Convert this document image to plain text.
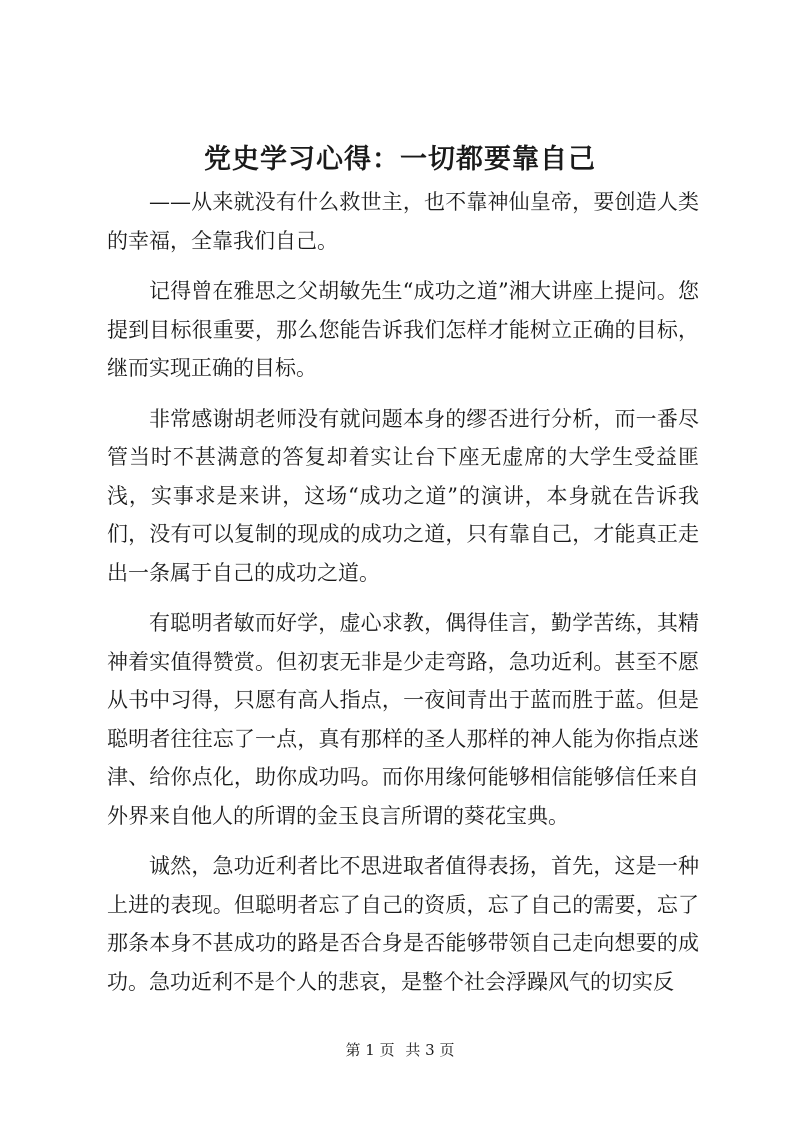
党史学习心得：一切都要靠自己

——从来就没有什么救世主，也不靠神仙皇帝，要创造人类的幸福，全靠我们自己。

记得曾在雅思之父胡敏先生“成功之道”湘大讲座上提问。您提到目标很重要，那么您能告诉我们怎样才能树立正确的目标，继而实现正确的目标。

非常感谢胡老师没有就问题本身的缪否进行分析，而一番尽管当时不甚满意的答复却着实让台下座无虚席的大学生受益匪浅，实事求是来讲，这场“成功之道”的演讲，本身就在告诉我们，没有可以复制的现成的成功之道，只有靠自己，才能真正走出一条属于自己的成功之道。

有聪明者敏而好学，虚心求教，偶得佳言，勤学苦练，其精神着实值得赞赏。但初衷无非是少走弯路，急功近利。甚至不愿从书中习得，只愿有高人指点，一夜间青出于蓝而胜于蓝。但是聪明者往往忘了一点，真有那样的圣人那样的神人能为你指点迷津、给你点化，助你成功吗。而你用缘何能够相信能够信任来自外界来自他人的所谓的金玉良言所谓的葵花宝典。

诚然，急功近利者比不思进取者值得表扬，首先，这是一种上进的表现。但聪明者忘了自己的资质，忘了自己的需要，忘了那条本身不甚成功的路是否合身是否能够带领自己走向想要的成功。急功近利不是个人的悲哀，是整个社会浮躁风气的切实反

第 1 页 共 3 页
